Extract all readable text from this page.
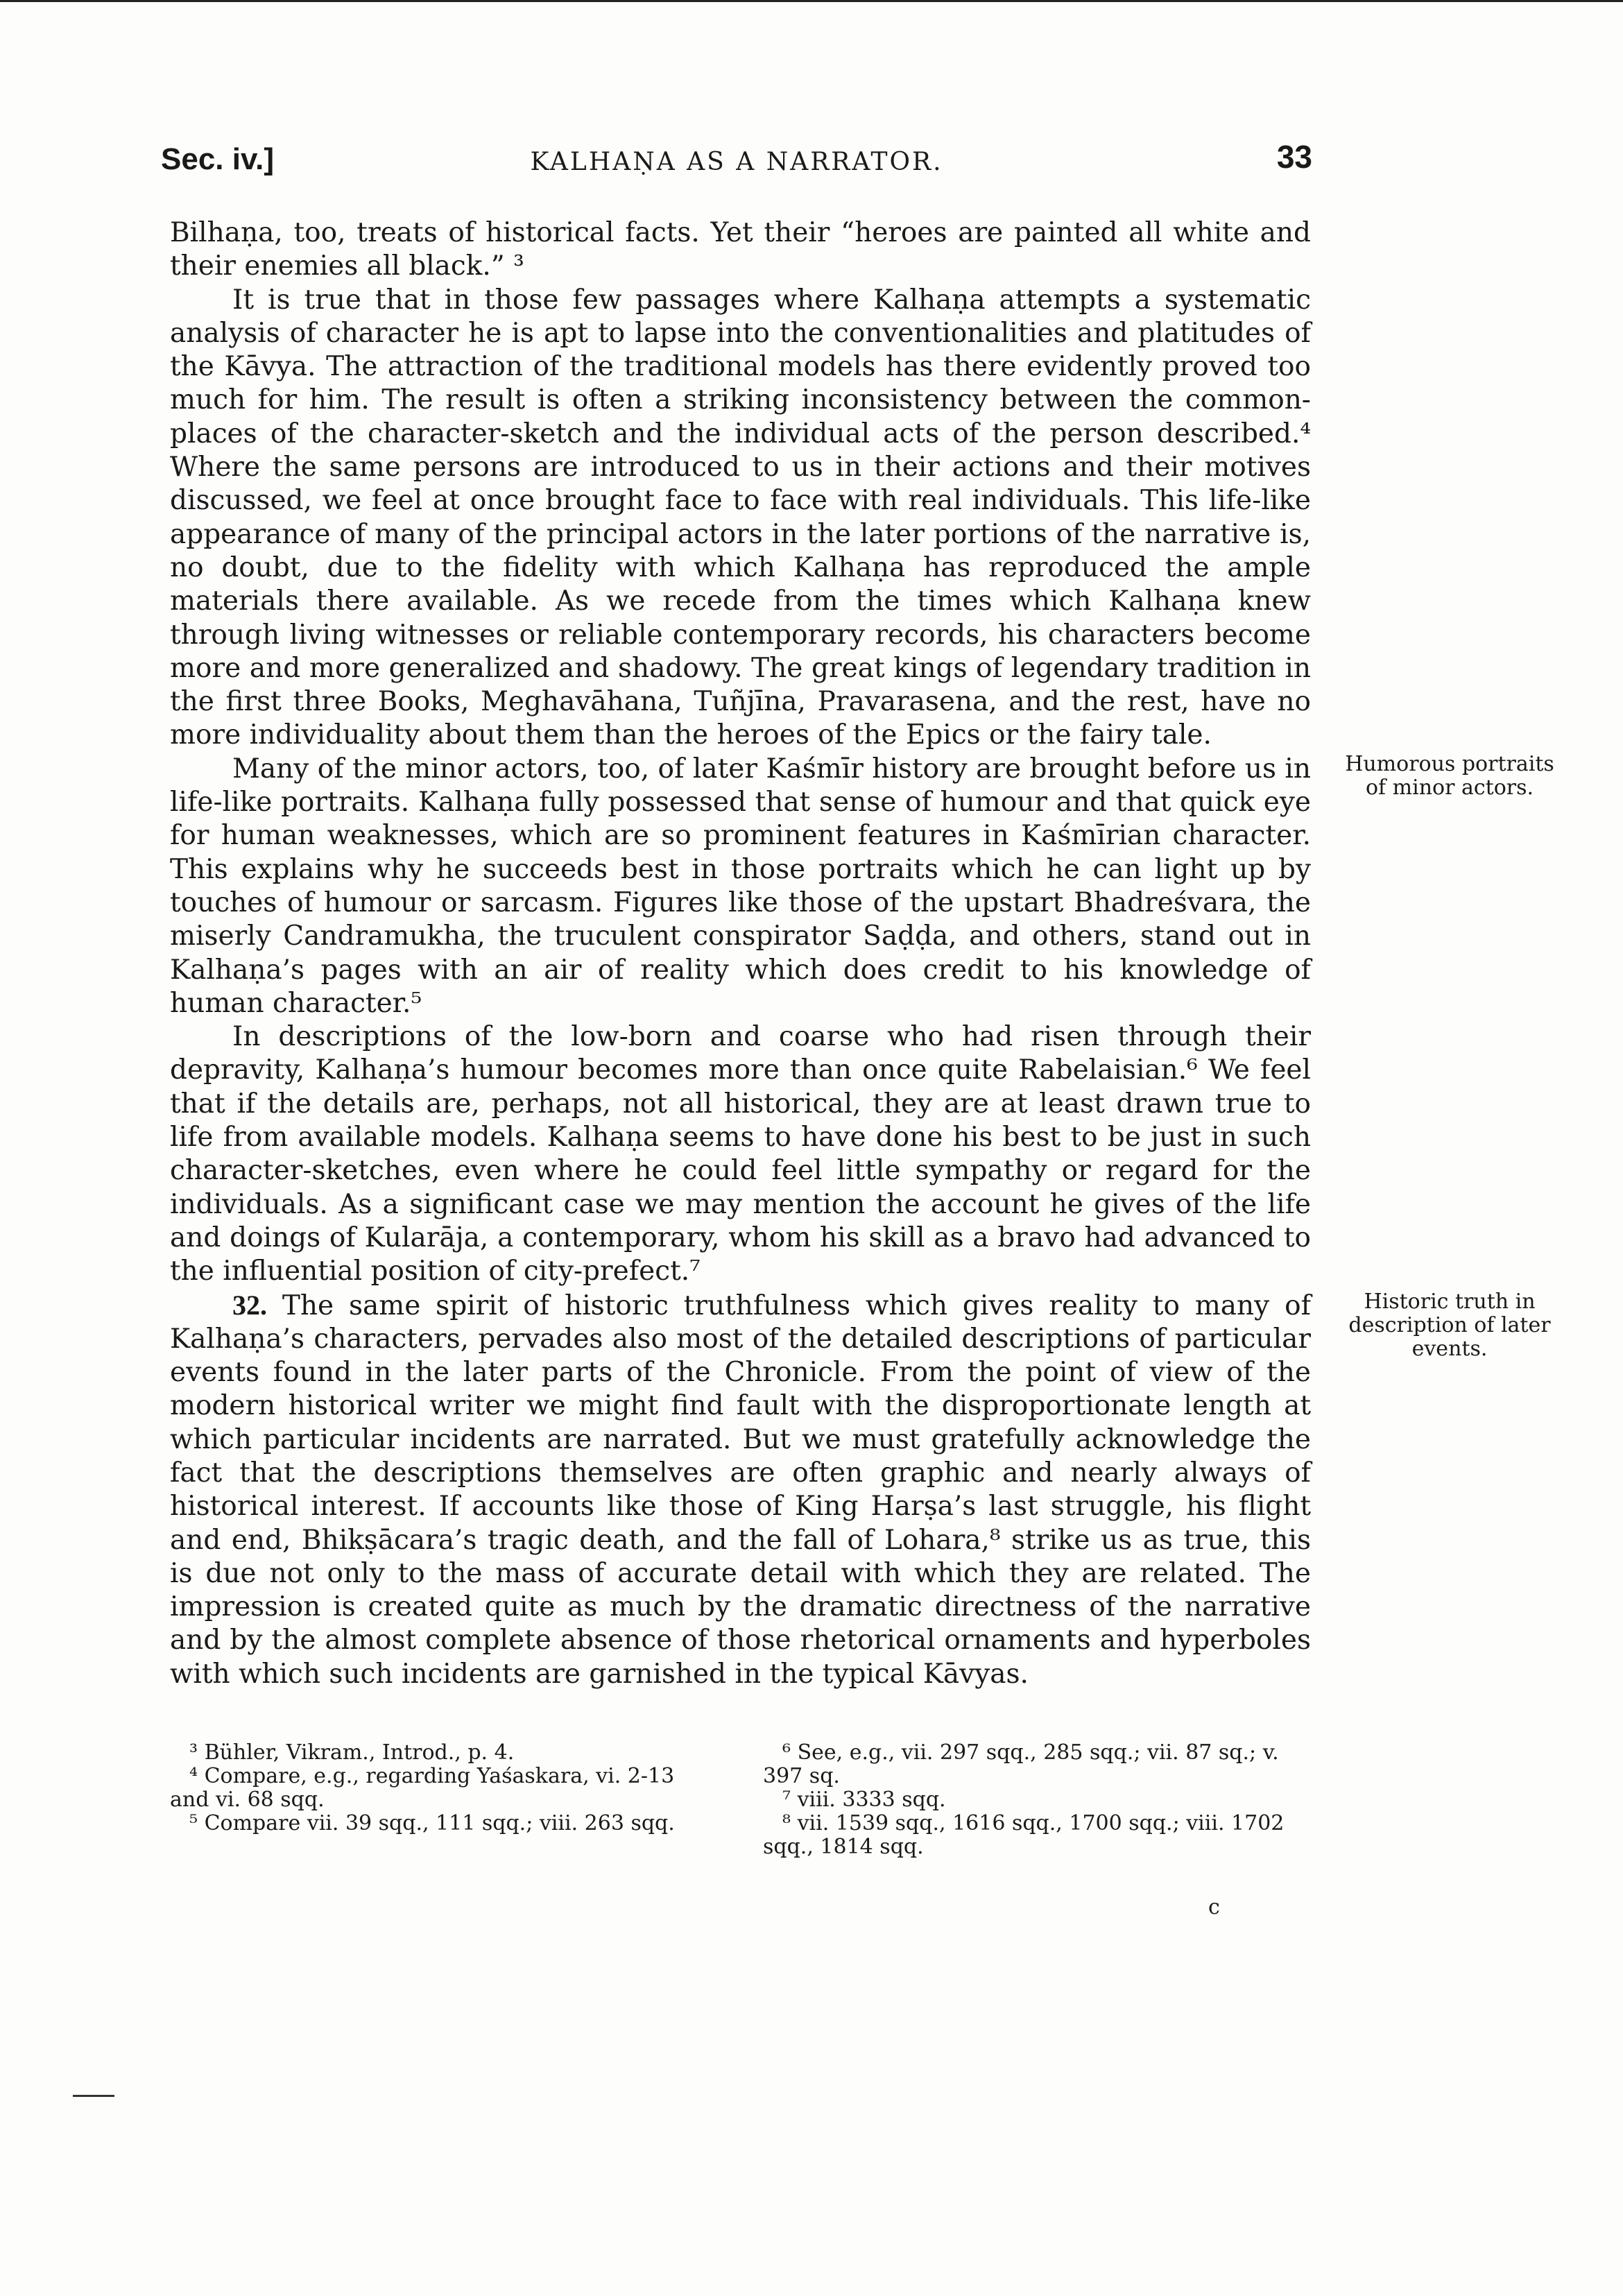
Sec. iv.]	KALHAṆA AS A NARRATOR.	33

Bilhaṇa, too, treats of historical facts. Yet their “heroes are painted all white and their enemies all black.” ³

It is true that in those few passages where Kalhaṇa attempts a systematic analysis of character he is apt to lapse into the conventionalities and platitudes of the Kāvya. The attraction of the traditional models has there evidently proved too much for him. The result is often a striking inconsistency between the common-places of the character-sketch and the individual acts of the person described.⁴ Where the same persons are introduced to us in their actions and their motives discussed, we feel at once brought face to face with real individuals. This life-like appearance of many of the principal actors in the later portions of the narrative is, no doubt, due to the fidelity with which Kalhaṇa has reproduced the ample materials there available. As we recede from the times which Kalhaṇa knew through living witnesses or reliable contemporary records, his characters become more and more generalized and shadowy. The great kings of legendary tradition in the first three Books, Meghavāhana, Tuñjīna, Pravarasena, and the rest, have no more individuality about them than the heroes of the Epics or the fairy tale.

Many of the minor actors, too, of later Kaśmīr history are brought before us in life-like portraits. Kalhaṇa fully possessed that sense of humour and that quick eye for human weaknesses, which are so prominent features in Kaśmīrian character. This explains why he succeeds best in those portraits which he can light up by touches of humour or sarcasm. Figures like those of the upstart Bhadreśvara, the miserly Candramukha, the truculent conspirator Saḍḍa, and others, stand out in Kalhaṇa’s pages with an air of reality which does credit to his knowledge of human character.⁵

In descriptions of the low-born and coarse who had risen through their depravity, Kalhaṇa’s humour becomes more than once quite Rabelaisian.⁶ We feel that if the details are, perhaps, not all historical, they are at least drawn true to life from available models. Kalhaṇa seems to have done his best to be just in such character-sketches, even where he could feel little sympathy or regard for the individuals. As a significant case we may mention the account he gives of the life and doings of Kularāja, a contemporary, whom his skill as a bravo had advanced to the influential position of city-prefect.⁷

32. The same spirit of historic truthfulness which gives reality to many of Kalhaṇa’s characters, pervades also most of the detailed descriptions of particular events found in the later parts of the Chronicle. From the point of view of the modern historical writer we might find fault with the disproportionate length at which particular incidents are narrated. But we must gratefully acknowledge the fact that the descriptions themselves are often graphic and nearly always of historical interest. If accounts like those of King Harṣa’s last struggle, his flight and end, Bhikṣācara’s tragic death, and the fall of Lohara,⁸ strike us as true, this is due not only to the mass of accurate detail with which they are related. The impression is created quite as much by the dramatic directness of the narrative and by the almost complete absence of those rhetorical ornaments and hyperboles with which such incidents are garnished in the typical Kāvyas.

Humorous portraits of minor actors.
Historic truth in description of later events.

³ Bühler, Vikram., Introd., p. 4.

⁴ Compare, e.g., regarding Yaśaskara, vi. 2-13 and vi. 68 sqq.

⁵ Compare vii. 39 sqq., 111 sqq.; viii. 263 sqq.

⁶ See, e.g., vii. 297 sqq., 285 sqq.; vii. 87 sq.; v. 397 sq.

⁷ viii. 3333 sqq.

⁸ vii. 1539 sqq., 1616 sqq., 1700 sqq.; viii. 1702 sqq., 1814 sqq.

c
